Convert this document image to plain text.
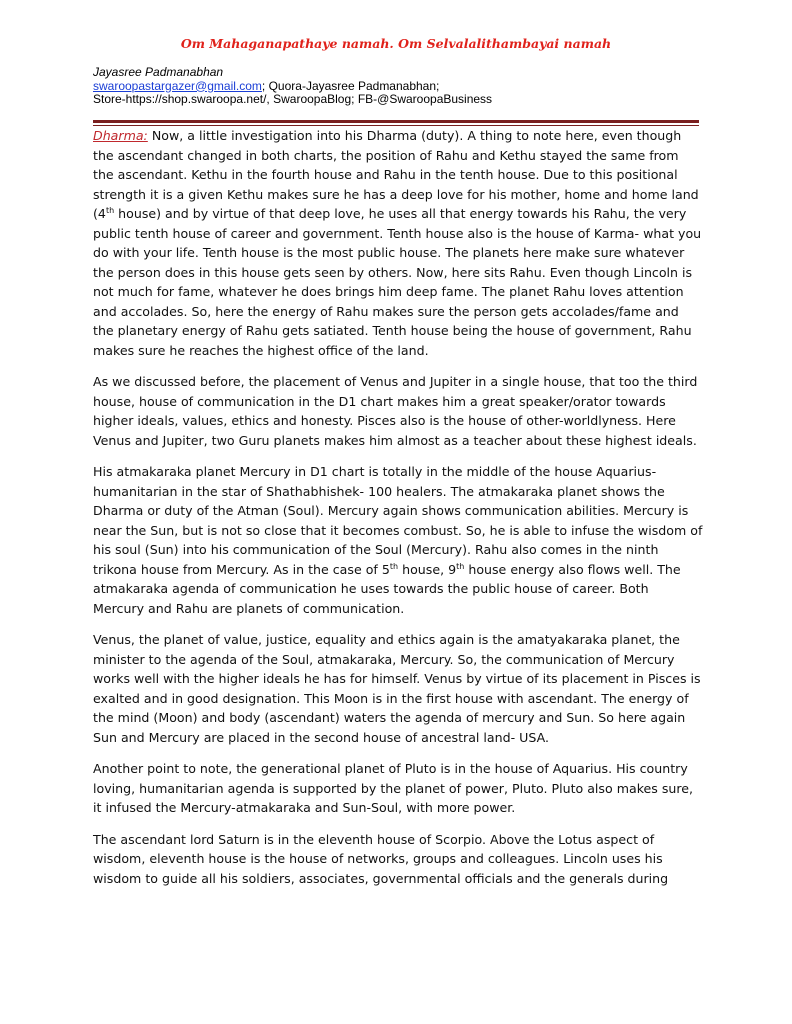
Om Mahaganapathaye namah. Om Selvalalithambayai namah
Jayasree Padmanabhan
swaroopastargazer@gmail.com; Quora-Jayasree Padmanabhan;
Store-https://shop.swaroopa.net/, SwaroopaBlog; FB-@SwaroopaBusiness

Dharma: Now, a little investigation into his Dharma (duty). A thing to note here, even though the ascendant changed in both charts, the position of Rahu and Kethu stayed the same from the ascendant. Kethu in the fourth house and Rahu in the tenth house. Due to this positional strength it is a given Kethu makes sure he has a deep love for his mother, home and home land (4th house) and by virtue of that deep love, he uses all that energy towards his Rahu, the very public tenth house of career and government. Tenth house also is the house of Karma- what you do with your life. Tenth house is the most public house. The planets here make sure whatever the person does in this house gets seen by others. Now, here sits Rahu. Even though Lincoln is not much for fame, whatever he does brings him deep fame. The planet Rahu loves attention and accolades. So, here the energy of Rahu makes sure the person gets accolades/fame and the planetary energy of Rahu gets satiated. Tenth house being the house of government, Rahu makes sure he reaches the highest office of the land.

As we discussed before, the placement of Venus and Jupiter in a single house, that too the third house, house of communication in the D1 chart makes him a great speaker/orator towards higher ideals, values, ethics and honesty. Pisces also is the house of other-worldlyness. Here Venus and Jupiter, two Guru planets makes him almost as a teacher about these highest ideals.

His atmakaraka planet Mercury in D1 chart is totally in the middle of the house Aquarius- humanitarian in the star of Shathabhishek- 100 healers. The atmakaraka planet shows the Dharma or duty of the Atman (Soul). Mercury again shows communication abilities. Mercury is near the Sun, but is not so close that it becomes combust. So, he is able to infuse the wisdom of his soul (Sun) into his communication of the Soul (Mercury). Rahu also comes in the ninth trikona house from Mercury. As in the case of 5th house, 9th house energy also flows well. The atmakaraka agenda of communication he uses towards the public house of career. Both Mercury and Rahu are planets of communication.

Venus, the planet of value, justice, equality and ethics again is the amatyakaraka planet, the minister to the agenda of the Soul, atmakaraka, Mercury. So, the communication of Mercury works well with the higher ideals he has for himself. Venus by virtue of its placement in Pisces is exalted and in good designation. This Moon is in the first house with ascendant. The energy of the mind (Moon) and body (ascendant) waters the agenda of mercury and Sun. So here again Sun and Mercury are placed in the second house of ancestral land- USA.

Another point to note, the generational planet of Pluto is in the house of Aquarius. His country loving, humanitarian agenda is supported by the planet of power, Pluto. Pluto also makes sure, it infused the Mercury-atmakaraka and Sun-Soul, with more power.

The ascendant lord Saturn is in the eleventh house of Scorpio. Above the Lotus aspect of wisdom, eleventh house is the house of networks, groups and colleagues. Lincoln uses his wisdom to guide all his soldiers, associates, governmental officials and the generals during
